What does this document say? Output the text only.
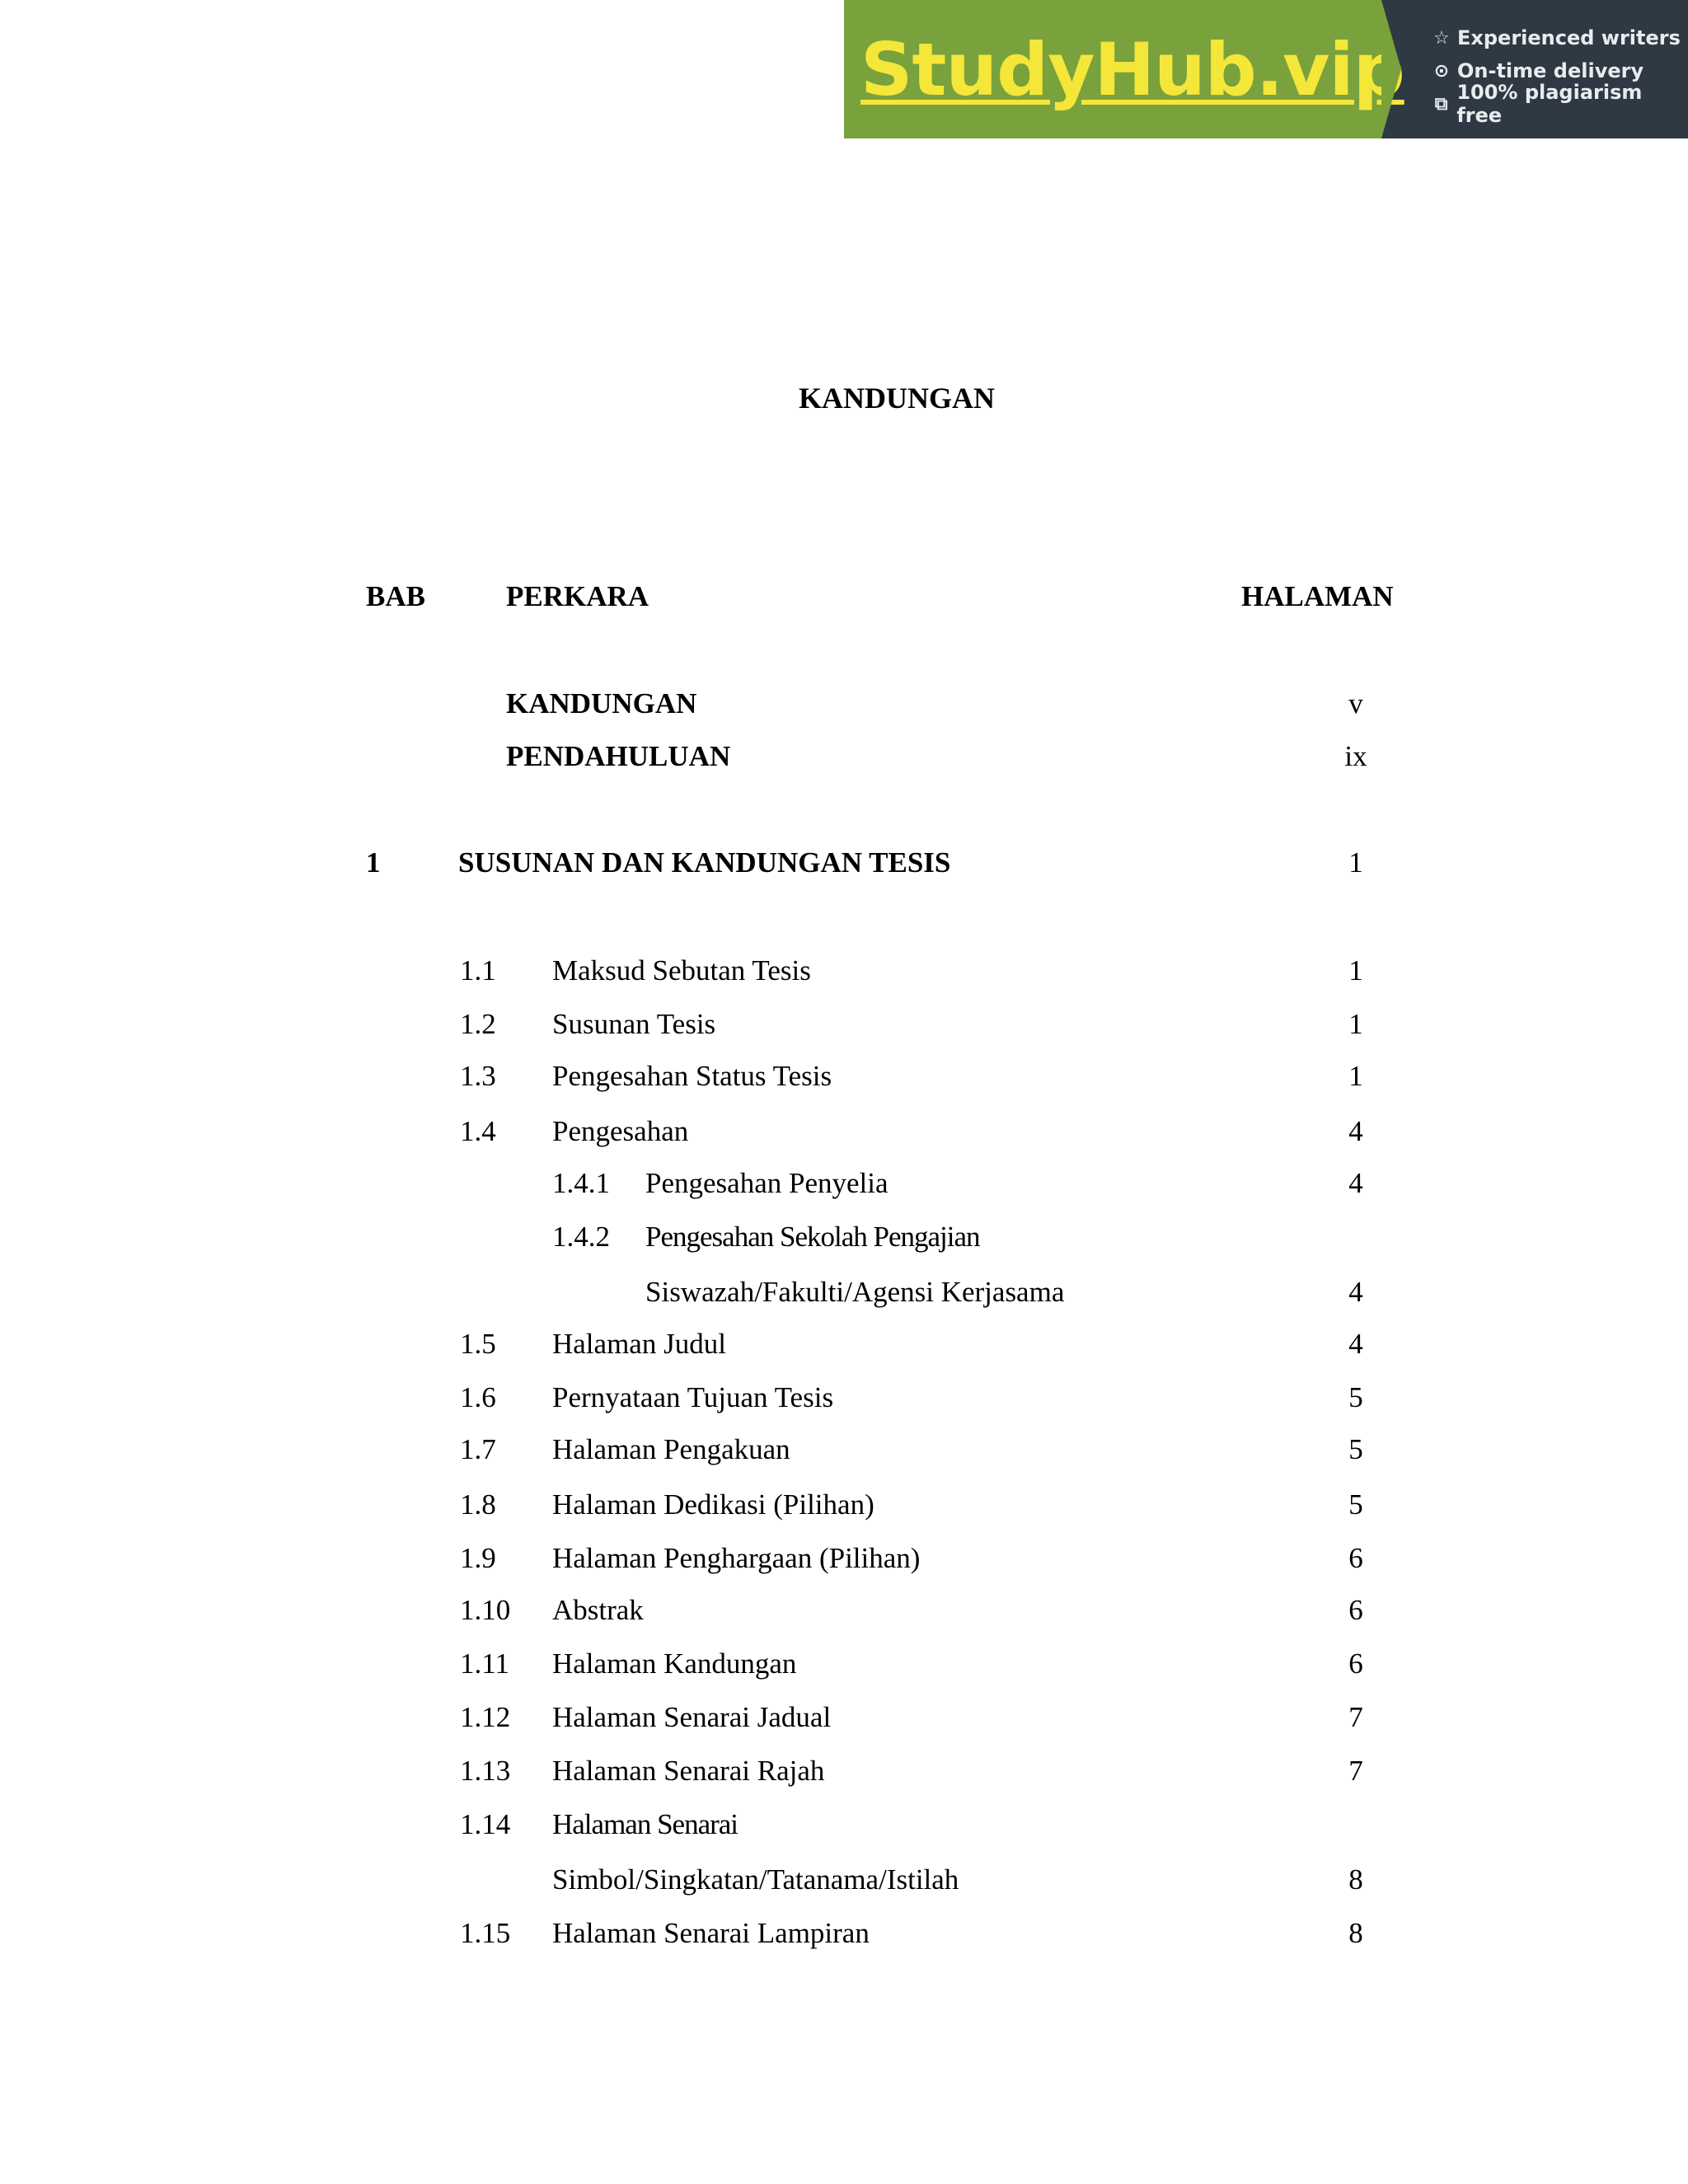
StudyHub.vip ☆ Experienced writers
⊙ On-time delivery
⧉ 100% plagiarism free
KANDUNGAN
BAB	PERKARA	HALAMAN
KANDUNGAN	v
PENDAHULUAN	ix
1	SUSUNAN DAN KANDUNGAN TESIS	1
1.1 Maksud Sebutan Tesis	1
1.2 Susunan Tesis	1
1.3 Pengesahan Status Tesis	1
1.4 Pengesahan	4
1.4.1 Pengesahan Penyelia	4
1.4.2 Pengesahan Sekolah Pengajian
Siswazah/Fakulti/Agensi Kerjasama	4
1.5 Halaman Judul	4
1.6 Pernyataan Tujuan Tesis	5
1.7 Halaman Pengakuan	5
1.8 Halaman Dedikasi (Pilihan)	5
1.9 Halaman Penghargaan (Pilihan)	6
1.10 Abstrak	6
1.11 Halaman Kandungan	6
1.12 Halaman Senarai Jadual	7
1.13 Halaman Senarai Rajah	7
1.14 Halaman Senarai
Simbol/Singkatan/Tatanama/Istilah	8
1.15 Halaman Senarai Lampiran	8
